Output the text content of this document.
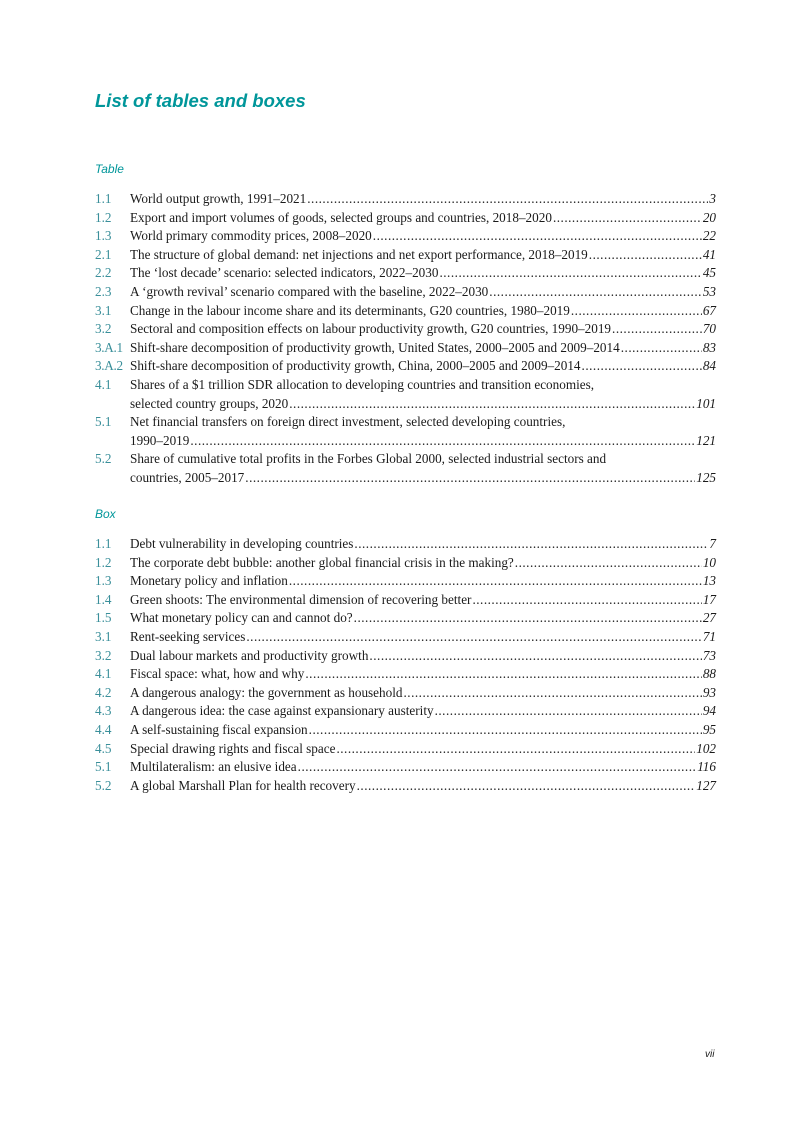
List of tables and boxes
Table
1.1	World output growth, 1991–2021 .....	3
1.2	Export and import volumes of goods, selected groups and countries, 2018–2020 .....	20
1.3	World primary commodity prices, 2008–2020 .....	22
2.1	The structure of global demand: net injections and net export performance, 2018–2019 .....	41
2.2	The ‘lost decade’ scenario: selected indicators, 2022–2030 .....	45
2.3	A ‘growth revival’ scenario compared with the baseline, 2022–2030 .....	53
3.1	Change in the labour income share and its determinants, G20 countries, 1980–2019 .....	67
3.2	Sectoral and composition effects on labour productivity growth, G20 countries, 1990–2019 .....	70
3.A.1 Shift-share decomposition of productivity growth, United States, 2000–2005 and 2009–2014 .....	83
3.A.2 Shift-share decomposition of productivity growth, China, 2000–2005 and 2009–2014 .....	84
4.1	Shares of a $1 trillion SDR allocation to developing countries and transition economies,
selected country groups, 2020 .....	101
5.1	Net financial transfers on foreign direct investment, selected developing countries,
1990–2019 .....	121
5.2	Share of cumulative total profits in the Forbes Global 2000, selected industrial sectors and
countries, 2005–2017 .....	125
Box
1.1	Debt vulnerability in developing countries .....	7
1.2	The corporate debt bubble: another global financial crisis in the making? .....	10
1.3	Monetary policy and inflation .....	13
1.4	Green shoots: The environmental dimension of recovering better .....	17
1.5	What monetary policy can and cannot do? .....	27
3.1	Rent-seeking services .....	71
3.2	Dual labour markets and productivity growth .....	73
4.1	Fiscal space: what, how and why .....	88
4.2	A dangerous analogy: the government as household .....	93
4.3	A dangerous idea: the case against expansionary austerity .....	94
4.4	A self-sustaining fiscal expansion .....	95
4.5	Special drawing rights and fiscal space .....	102
5.1	Multilateralism: an elusive idea .....	116
5.2	A global Marshall Plan for health recovery .....	127
vii
